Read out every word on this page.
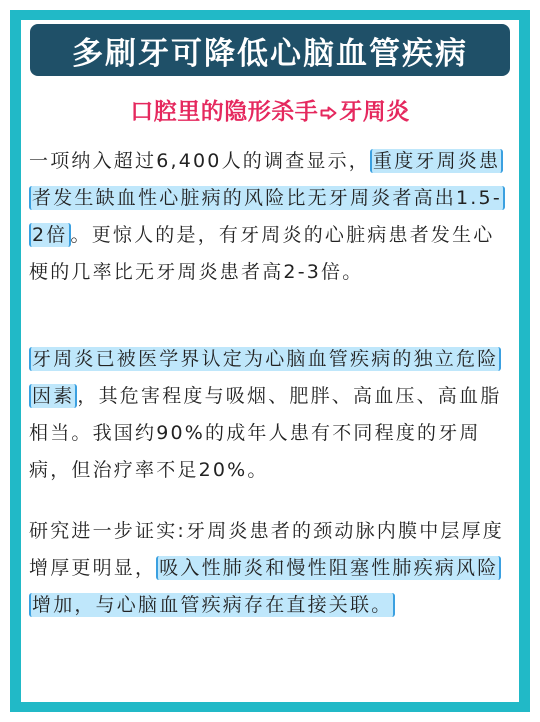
多刷牙可降低心脑血管疾病
口腔里的隐形杀手 牙周炎
一项纳入超过6,400人的调查显示， 重度牙周炎患者发生缺血性心脏病的风险比无牙周炎者高出1.5-2倍 。更惊人的是，有牙周炎的心脏病患者发生心梗的几率比无牙周炎患者高2-3倍。
牙周炎已被医学界认定为心脑血管疾病的独立危险因素 ，其危害程度与吸烟、肥胖、高血压、高血脂相当。我国约90%的成年人患有不同程度的牙周病，但治疗率不足20%。
研究进一步证实:牙周炎患者的颈动脉内膜中层厚度增厚更明显， 吸入性肺炎和慢性阻塞性肺疾病风险增加，与心脑血管疾病存在直接关联。
